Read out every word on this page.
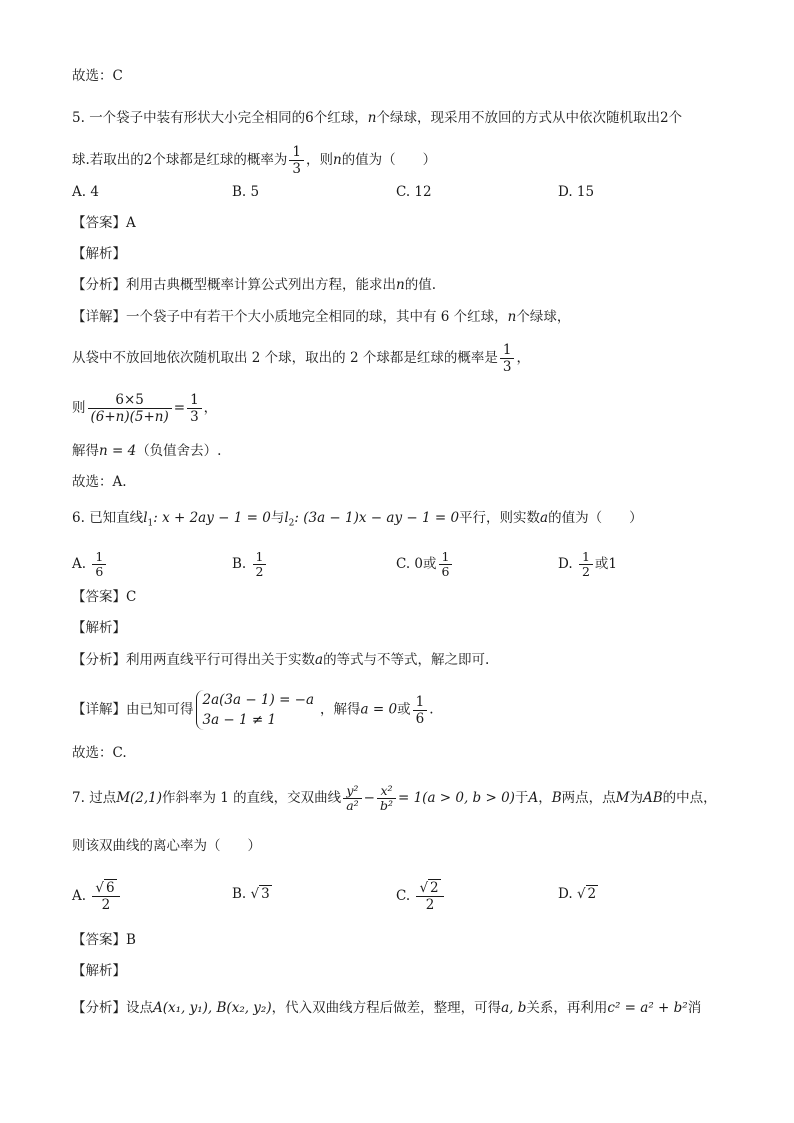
故选：C
5. 一个袋子中装有形状大小完全相同的6个红球，n个绿球，现采用不放回的方式从中依次随机取出2个
球.若取出的2个球都是红球的概率为 $\frac{1}{3}$ ，则n的值为（　　）
A. 4	B. 5	C. 12	D. 15
【答案】A
【解析】
【分析】利用古典概型概率计算公式列出方程，能求出n的值.
【详解】一个袋子中有若干个大小质地完全相同的球，其中有 6 个红球，n个绿球，
从袋中不放回地依次随机取出 2 个球，取出的 2 个球都是红球的概率是 $\frac{1}{3}$ ，
则 $\frac{6\times 5}{(6+n)(5+n)} = \frac{1}{3}$ ，
解得n = 4（负值舍去）.
故选：A.
6. 已知直线$l_1$: x + 2ay − 1 = 0与$l_2$: (3a − 1)x − ay − 1 = 0平行，则实数a的值为（　　）
A. $\frac{1}{6}$	B. $\frac{1}{2}$	C. 0或 $\frac{1}{6}$	D. $\frac{1}{2}$ 或1
【答案】C
【解析】
【分析】利用两直线平行可得出关于实数a的等式与不等式，解之即可.
【详解】由已知可得
2a(3a − 1) = −a
3a − 1 ≠ 1
，解得a = 0或 $\frac{1}{6}$ .
故选：C.
7. 过点M(2,1)作斜率为 1 的直线，交双曲线 $\frac{\text{y²}}{\text{a²}} - \frac{\text{x²}}{\text{b²}} = 1(a > 0$, b > 0)于A，B两点，点M为AB的中点，
则该双曲线的离心率为（　　）
A. $\frac{√ 6}{2}$	B. √ 3	C. $\frac{√ 2}{2}$	D. √ 2
【答案】B
【解析】
【分析】设点A(x₁, y₁), B(x₂, y₂)，代入双曲线方程后做差，整理，可得a, b关系，再利用c² = a² + b²消
